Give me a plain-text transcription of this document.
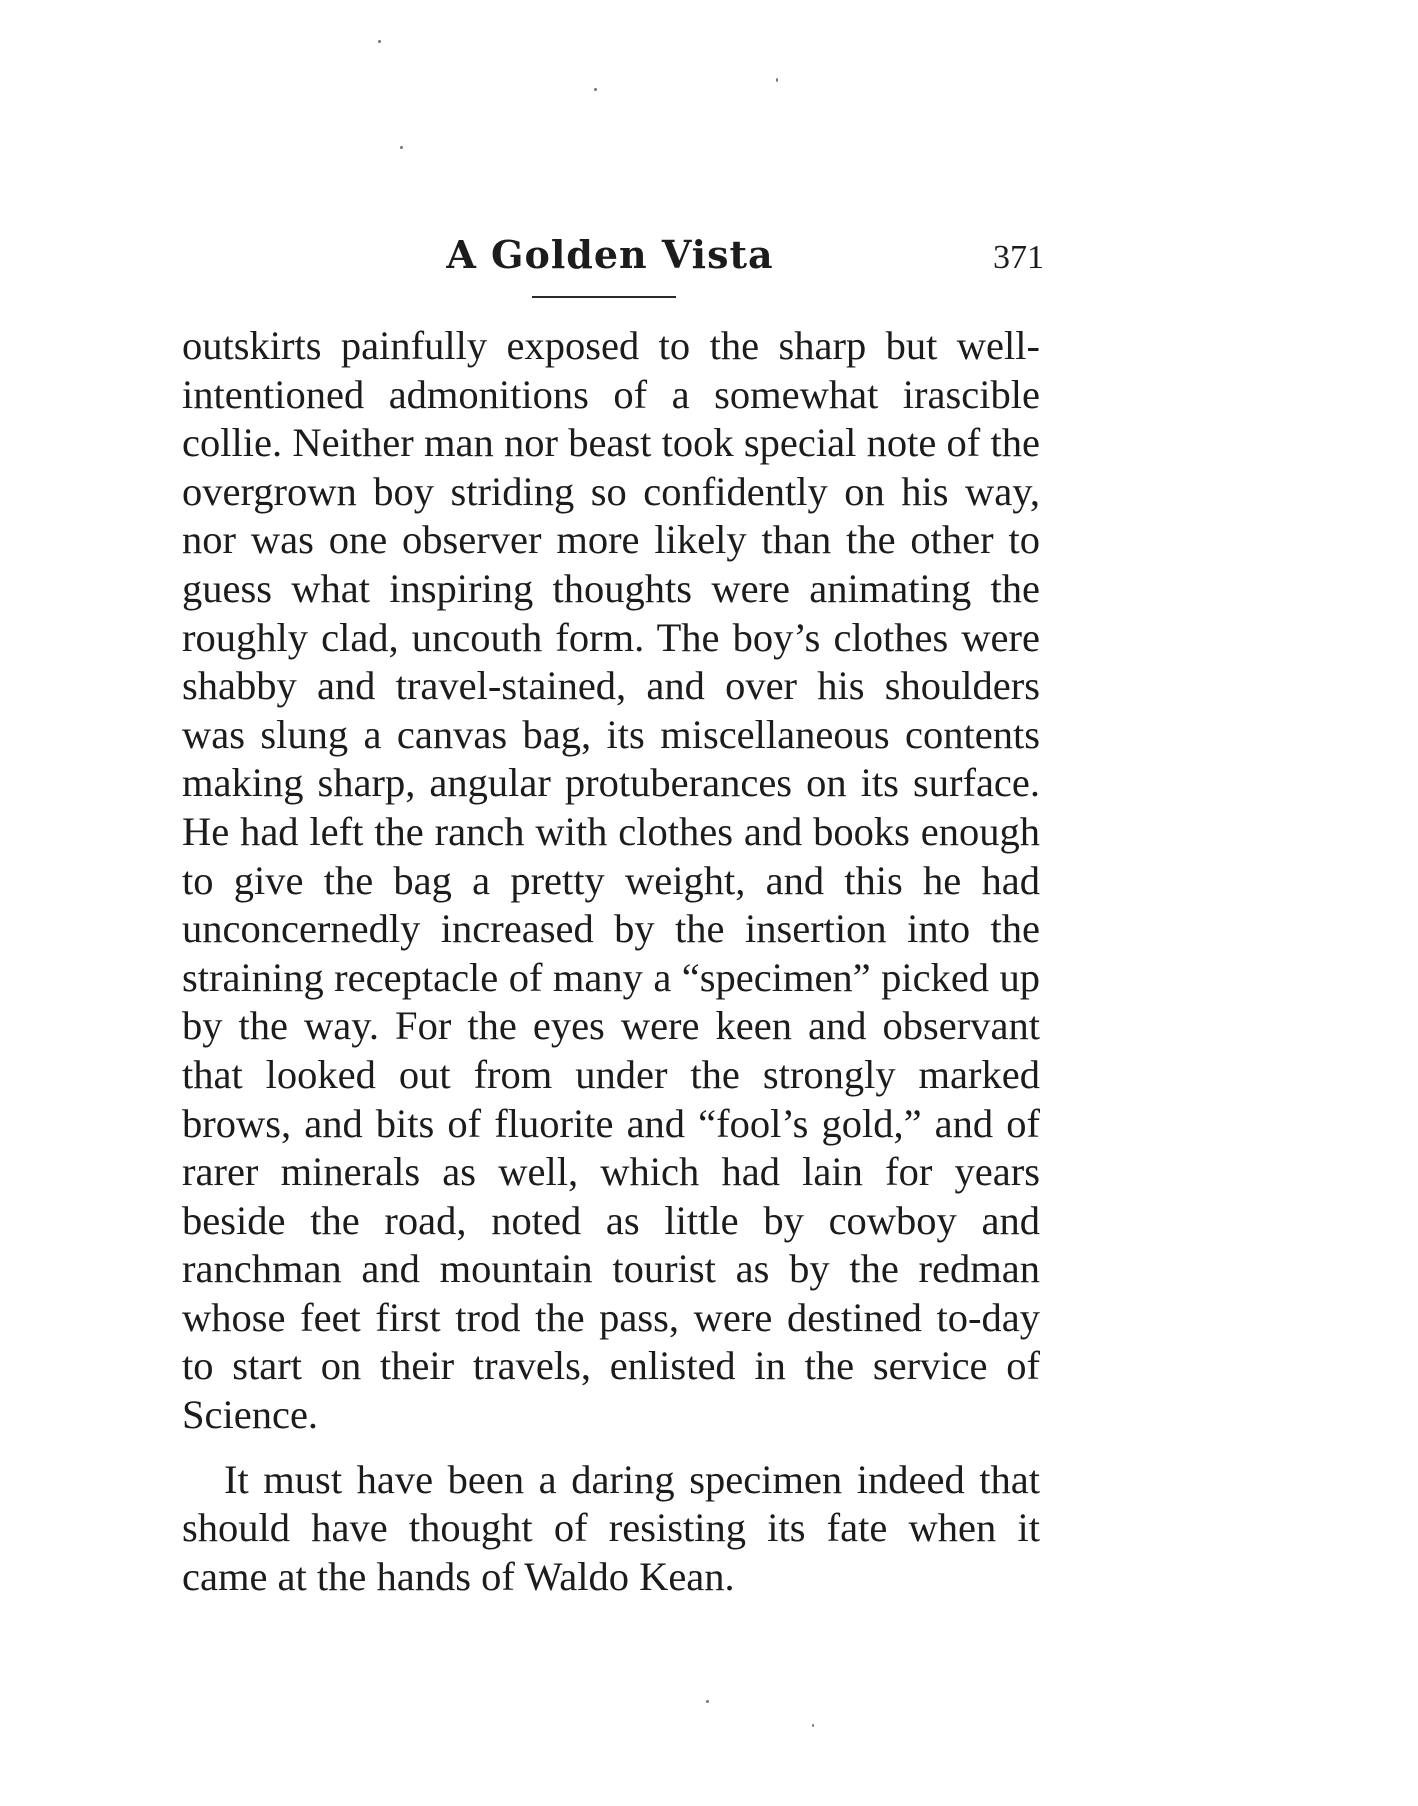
A Golden Vista	371

outskirts painfully exposed to the sharp but well-intentioned admonitions of a somewhat irascible collie. Neither man nor beast took special note of the overgrown boy striding so confidently on his way, nor was one observer more likely than the other to guess what inspiring thoughts were animating the roughly clad, uncouth form. The boy’s clothes were shabby and travel-stained, and over his shoulders was slung a canvas bag, its miscellaneous contents making sharp, angular protuberances on its surface. He had left the ranch with clothes and books enough to give the bag a pretty weight, and this he had unconcernedly increased by the insertion into the straining receptacle of many a “specimen” picked up by the way. For the eyes were keen and observant that looked out from under the strongly marked brows, and bits of fluorite and “fool’s gold,” and of rarer minerals as well, which had lain for years beside the road, noted as little by cowboy and ranchman and mountain tourist as by the redman whose feet first trod the pass, were destined to-day to start on their travels, enlisted in the service of Science.

It must have been a daring specimen indeed that should have thought of resisting its fate when it came at the hands of Waldo Kean.
